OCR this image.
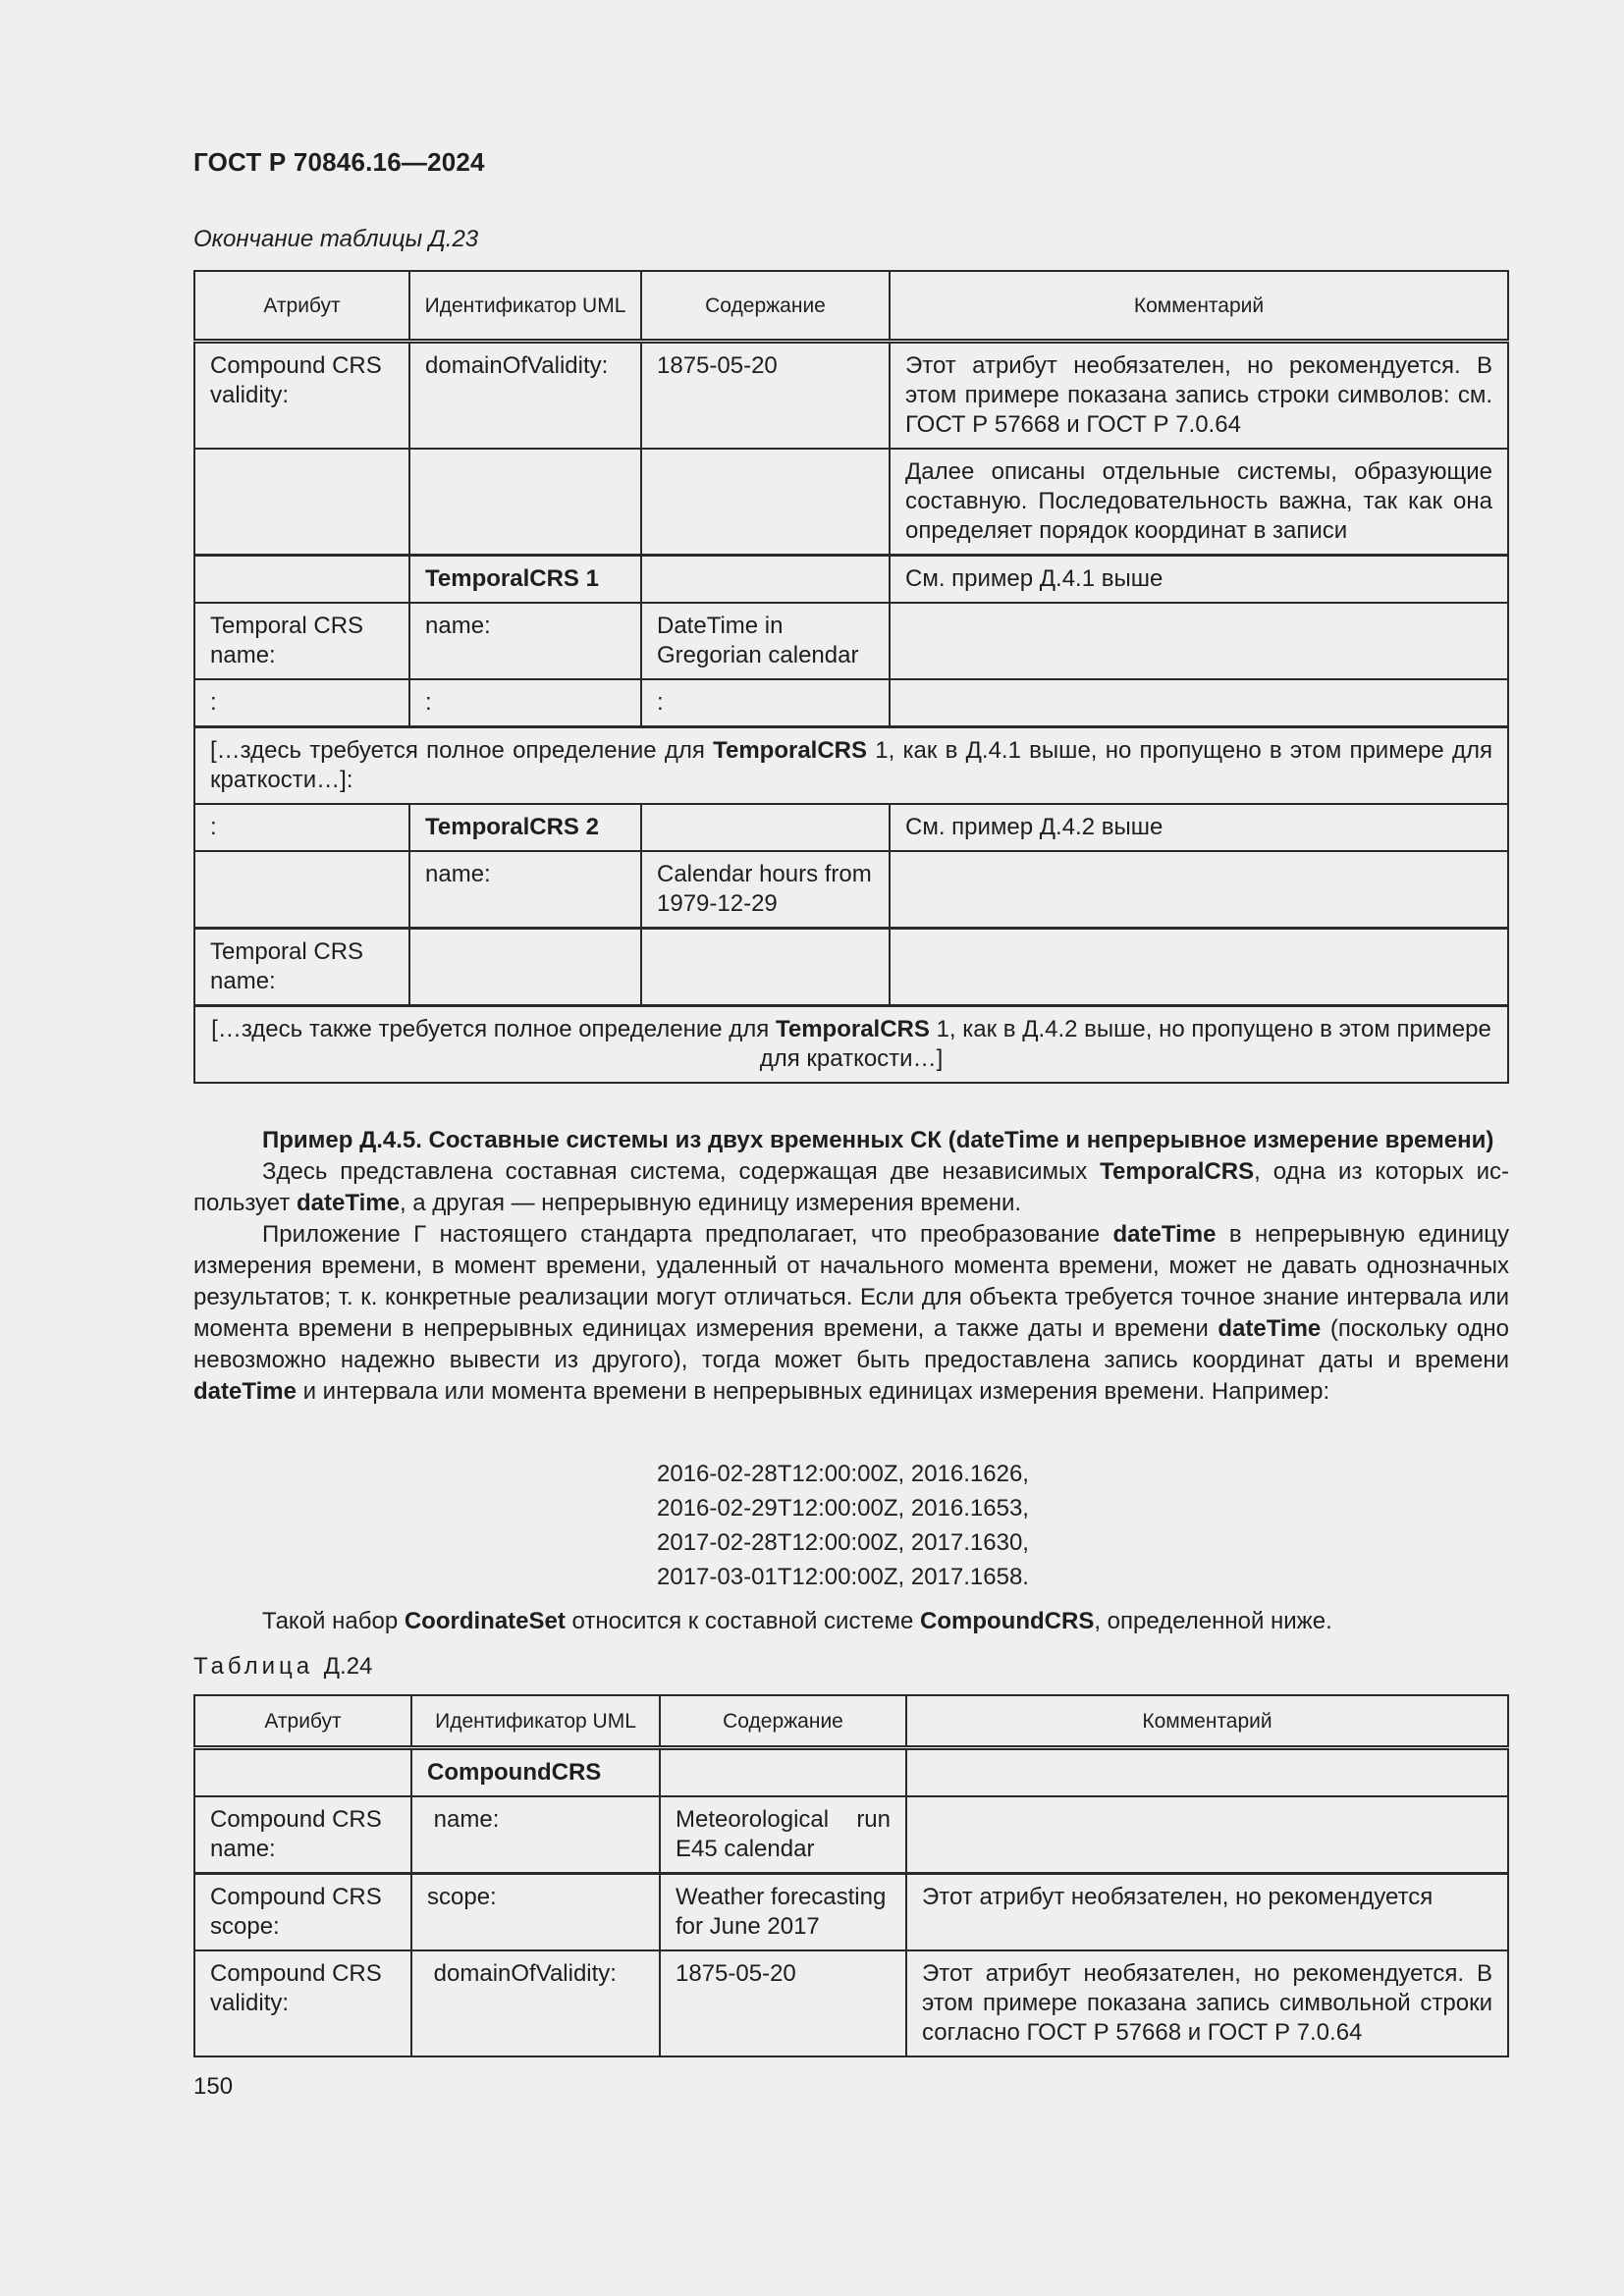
ГОСТ Р 70846.16—2024
Окончание таблицы Д.23
Атрибут	Идентификатор UML	Содержание	Комментарий
Compound CRS validity:	domainOfValidity:	1875-05-20	Этот атрибут необязателен, но рекомендуется. В этом примере показана запись строки символов: см. ГОСТ Р 57668 и ГОСТ Р 7.0.64
			Далее описаны отдельные системы, образующие составную. Последовательность важна, так как она определяет порядок координат в записи
	TemporalCRS 1		См. пример Д.4.1 выше
Temporal CRS name:	name:	DateTime in Gregorian calendar	
:	:	:	
[…здесь требуется полное определение для TemporalCRS 1, как в Д.4.1 выше, но пропущено в этом примере для краткости…]:			
:	TemporalCRS 2		См. пример Д.4.2 выше
	name:	Calendar hours from 1979-12-29	
Temporal CRS name:			
[…здесь также требуется полное определение для TemporalCRS 1, как в Д.4.2 выше, но пропущено в этом примере для краткости…]			

Пример Д.4.5. Составные системы из двух временных СК (dateTime и непрерывное измерение времени)

Здесь представлена составная система, содержащая две независимых TemporalCRS, одна из которых ис-пользует dateTime, а другая — непрерывную единицу измерения времени.

Приложение Г настоящего стандарта предполагает, что преобразование dateTime в непрерывную единицу измерения времени, в момент времени, удаленный от начального момента времени, может не давать однозначных результатов; т. к. конкретные реализации могут отличаться. Если для объекта требуется точное знание интервала или момента времени в непрерывных единицах измерения времени, а также даты и времени dateTime (поскольку одно невозможно надежно вывести из другого), тогда может быть предоставлена запись координат даты и времени dateTime и интервала или момента времени в непрерывных единицах измерения времени. Например:

2016-02-28T12:00:00Z, 2016.1626,
2016-02-29T12:00:00Z, 2016.1653,
2017-02-28T12:00:00Z, 2017.1630,
2017-03-01T12:00:00Z, 2017.1658.
Такой набор CoordinateSet относится к составной системе CompoundCRS, определенной ниже.
Таблица Д.24
Атрибут	Идентификатор UML	Содержание	Комментарий
	CompoundCRS		
Compound CRS name:	name:	Meteorological run E45 calendar	
Compound CRS scope:	scope:	Weather forecasting for June 2017	Этот атрибут необязателен, но рекомендуется
Compound CRS validity:	domainOfValidity:	1875-05-20	Этот атрибут необязателен, но рекомендуется. В этом примере показана запись символьной строки согласно ГОСТ Р 57668 и ГОСТ Р 7.0.64
150
